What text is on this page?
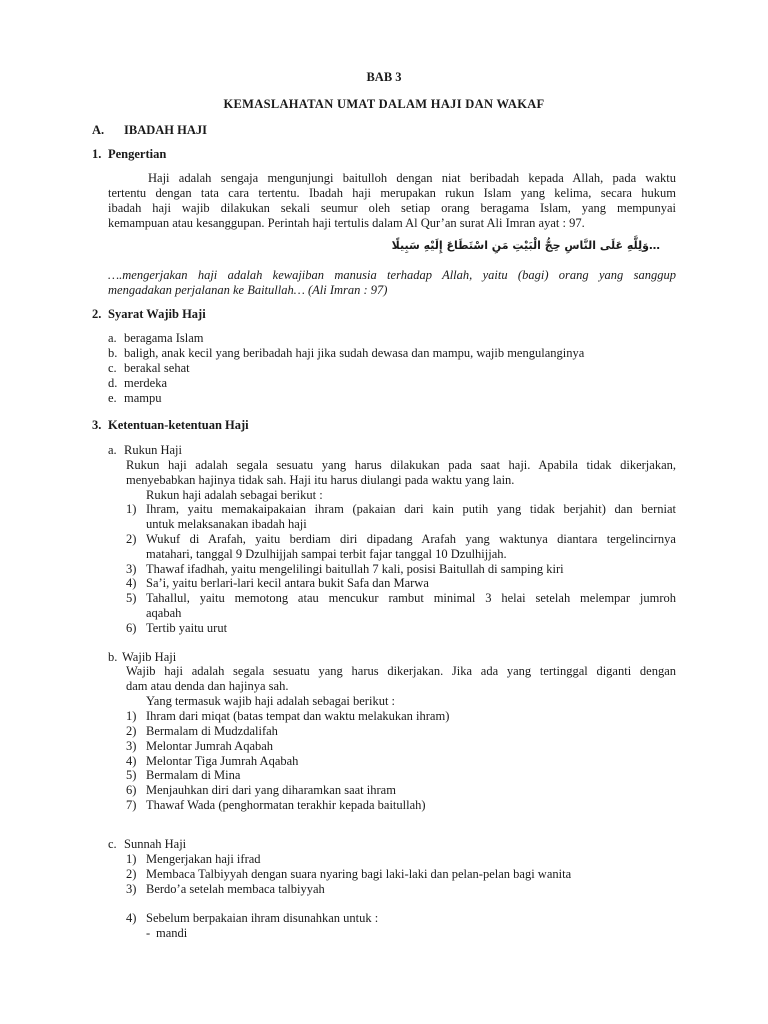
BAB 3
KEMASLAHATAN UMAT DALAM HAJI DAN WAKAF
A. IBADAH HAJI
1. Pengertian
Haji adalah sengaja mengunjungi baitulloh dengan niat beribadah kepada Allah, pada waktu
tertentu dengan tata cara tertentu. Ibadah haji merupakan rukun Islam yang kelima, secara hukum
ibadah haji wajib dilakukan sekali seumur oleh setiap orang beragama Islam, yang mempunyai
kemampuan atau kesanggupan. Perintah haji tertulis dalam Al Qur’an surat Ali Imran ayat : 97.
…وَلِلَّهِ عَلَى النَّاسِ حِجُّ الْبَيْتِ مَنِ اسْتَطَاعَ إِلَيْهِ سَبِيلًا
….mengerjakan haji adalah kewajiban manusia terhadap Allah, yaitu (bagi) orang yang sanggup
mengadakan perjalanan ke Baitullah… (Ali Imran : 97)
2. Syarat Wajib Haji
a. beragama Islam
b. baligh, anak kecil yang beribadah haji jika sudah dewasa dan mampu, wajib mengulanginya
c. berakal sehat
d. merdeka
e. mampu
3. Ketentuan-ketentuan Haji
a. Rukun Haji
Rukun haji adalah segala sesuatu yang harus dilakukan pada saat haji. Apabila tidak dikerjakan,
menyebabkan hajinya tidak sah. Haji itu harus diulangi pada waktu yang lain.
Rukun haji adalah sebagai berikut :
1) Ihram, yaitu memakaipakaian ihram (pakaian dari kain putih yang tidak berjahit) dan berniat
untuk melaksanakan ibadah haji
2) Wukuf di Arafah, yaitu berdiam diri dipadang Arafah yang waktunya diantara tergelincirnya
matahari, tanggal 9 Dzulhijjah sampai terbit fajar tanggal 10 Dzulhijjah.
3) Thawaf ifadhah, yaitu mengelilingi baitullah 7 kali, posisi Baitullah di samping kiri
4) Sa’i, yaitu berlari-lari kecil antara bukit Safa dan Marwa
5) Tahallul, yaitu memotong atau mencukur rambut minimal 3 helai setelah melempar jumroh
aqabah
6) Tertib yaitu urut
b. Wajib Haji
Wajib haji adalah segala sesuatu yang harus dikerjakan. Jika ada yang tertinggal diganti dengan
dam atau denda dan hajinya sah.
Yang termasuk wajib haji adalah sebagai berikut :
1) Ihram dari miqat (batas tempat dan waktu melakukan ihram)
2) Bermalam di Mudzdalifah
3) Melontar Jumrah Aqabah
4) Melontar Tiga Jumrah Aqabah
5) Bermalam di Mina
6) Menjauhkan diri dari yang diharamkan saat ihram
7) Thawaf Wada (penghormatan terakhir kepada baitullah)
c. Sunnah Haji
1) Mengerjakan haji ifrad
2) Membaca Talbiyyah dengan suara nyaring bagi laki-laki dan pelan-pelan bagi wanita
3) Berdo’a setelah membaca talbiyyah
4) Sebelum berpakaian ihram disunahkan untuk :
- mandi
